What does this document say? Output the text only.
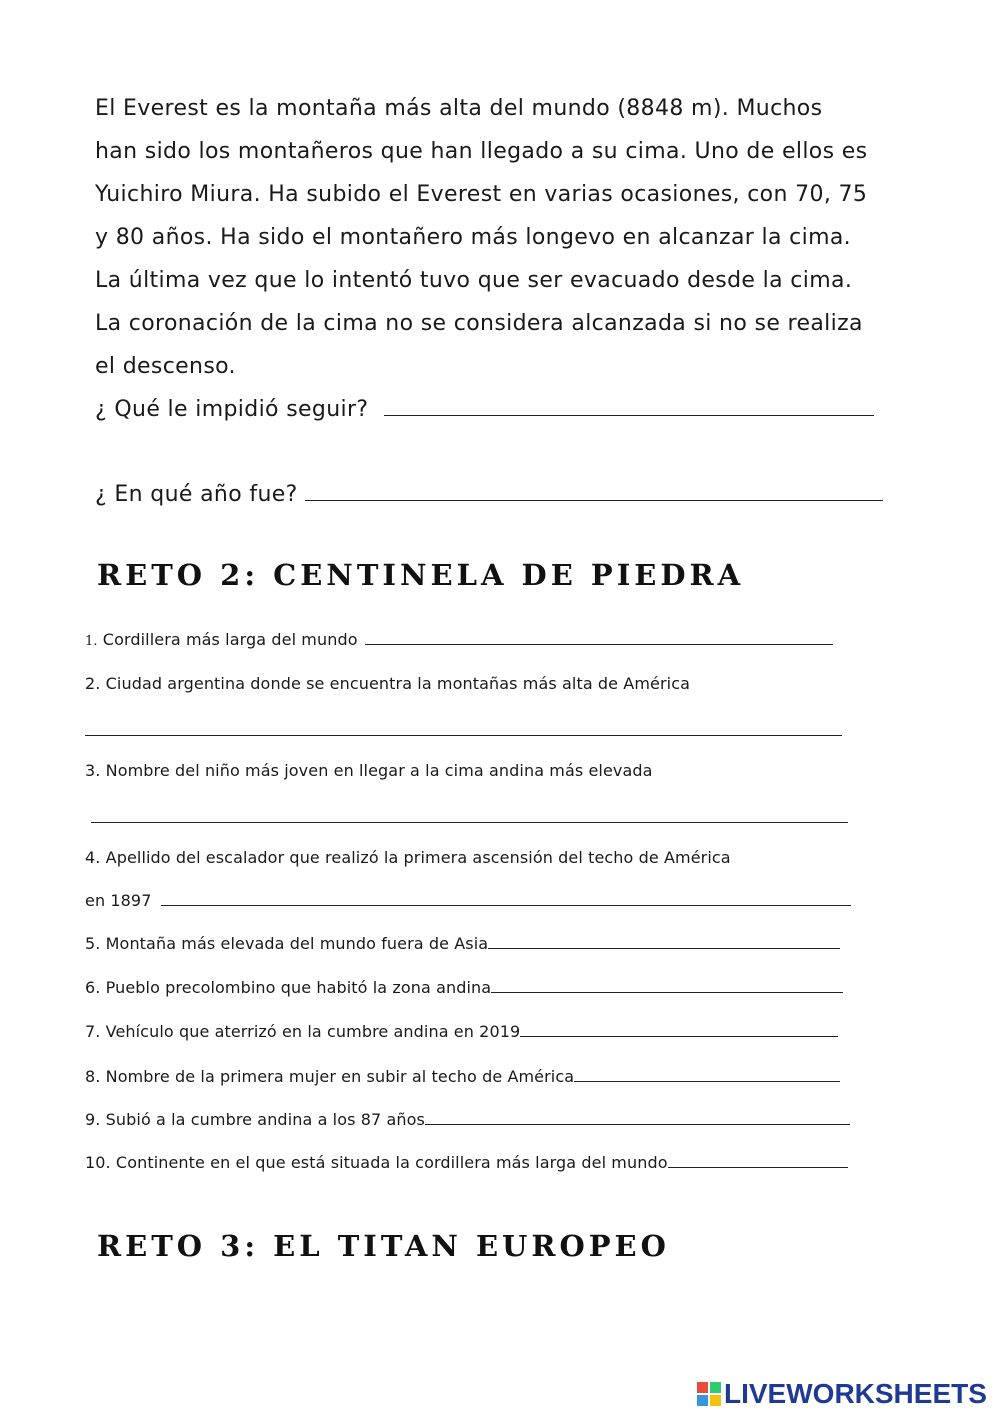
El Everest es la montaña más alta del mundo (8848 m). Muchos
han sido los montañeros que han llegado a su cima. Uno de ellos es
Yuichiro Miura. Ha subido el Everest en varias ocasiones, con 70, 75
y 80 años. Ha sido el montañero más longevo en alcanzar la cima.
La última vez que lo intentó tuvo que ser evacuado desde la cima.
La coronación de la cima no se considera alcanzada si no se realiza
el descenso.
¿ Qué le impidió seguir?
¿ En qué año fue?
RETO 2: CENTINELA DE PIEDRA
1. Cordillera más larga del mundo
2. Ciudad argentina donde se encuentra la montañas más alta de América
3. Nombre del niño más joven en llegar a la cima andina más elevada
4. Apellido del escalador que realizó la primera ascensión del techo de América
en 1897
5. Montaña más elevada del mundo fuera de Asia
6. Pueblo precolombino que habitó la zona andina
7. Vehículo que aterrizó en la cumbre andina en 2019
8. Nombre de la primera mujer en subir al techo de América
9. Subió a la cumbre andina a los 87 años
10. Continente en el que está situada la cordillera más larga del mundo
RETO 3: EL TITAN EUROPEO
LIVEWORKSHEETS
